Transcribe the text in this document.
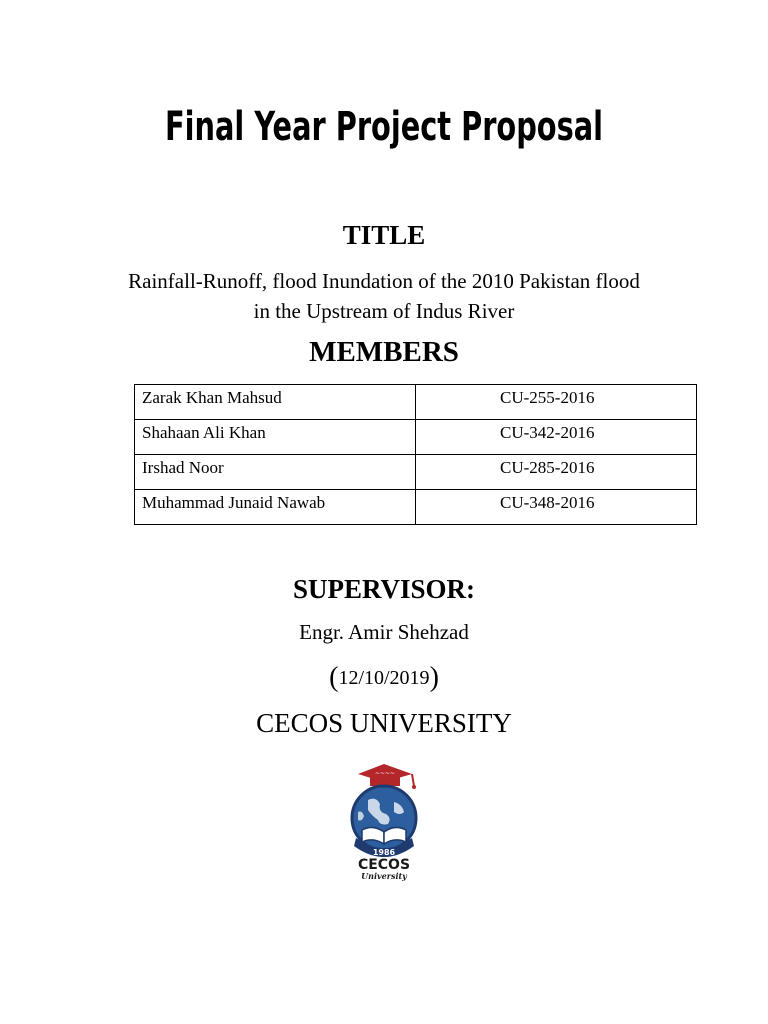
Final Year Project Proposal
TITLE
Rainfall-Runoff, flood Inundation of the 2010 Pakistan flood
in the Upstream of Indus River
MEMBERS
Zarak Khan Mahsud	CU-255-2016
Shahaan Ali Khan	CU-342-2016
Irshad Noor	CU-285-2016
Muhammad Junaid Nawab	CU-348-2016
SUPERVISOR:
Engr. Amir Shehzad
(12/10/2019)
CECOS UNIVERSITY
~~~~
1986
CECOS
University
